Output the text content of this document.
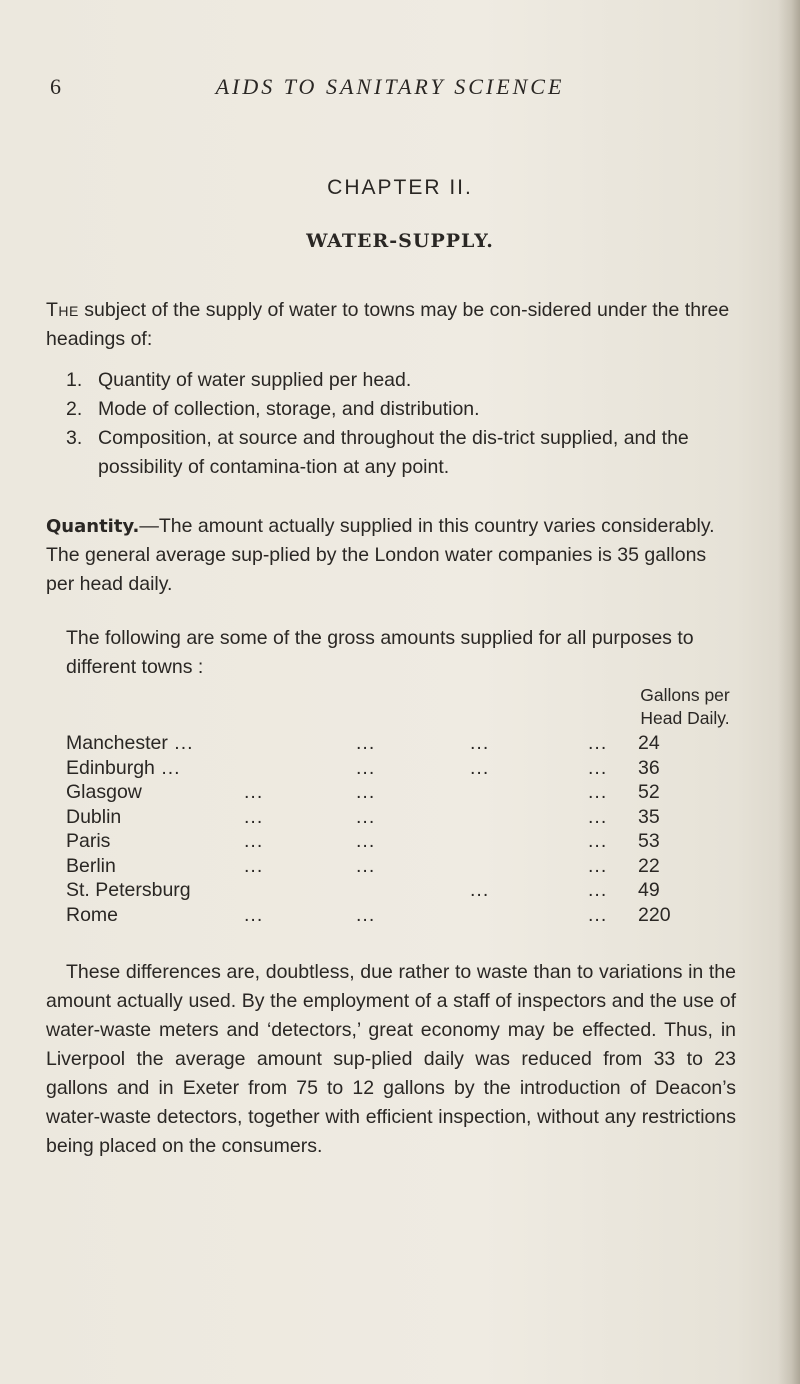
6	AIDS TO SANITARY SCIENCE
CHAPTER II.
WATER-SUPPLY.

The subject of the supply of water to towns may be con-sidered under the three headings of:

1. Quantity of water supplied per head.
2. Mode of collection, storage, and distribution.
3. Composition, at source and throughout the dis-trict supplied, and the possibility of contamina-tion at any point.

Quantity.—The amount actually supplied in this country varies considerably. The general average sup-plied by the London water companies is 35 gallons per head daily.

The following are some of the gross amounts supplied for all purposes to different towns :

Gallons per
Head Daily.
Manchester ...	...	...	... 24
Edinburgh ...	...	...	... 36
Glasgow	...	...	... 52
Dublin	...	...	... 35
Paris	...	...	... 53
Berlin	...	...	... 22
St. Petersburg	...	... 49
Rome	...	...	... 220

These differences are, doubtless, due rather to waste than to variations in the amount actually used. By the employment of a staff of inspectors and the use of water-waste meters and ‘detectors,’ great economy may be effected. Thus, in Liverpool the average amount sup-plied daily was reduced from 33 to 23 gallons and in Exeter from 75 to 12 gallons by the introduction of Deacon’s water-waste detectors, together with efficient inspection, without any restrictions being placed on the consumers.
